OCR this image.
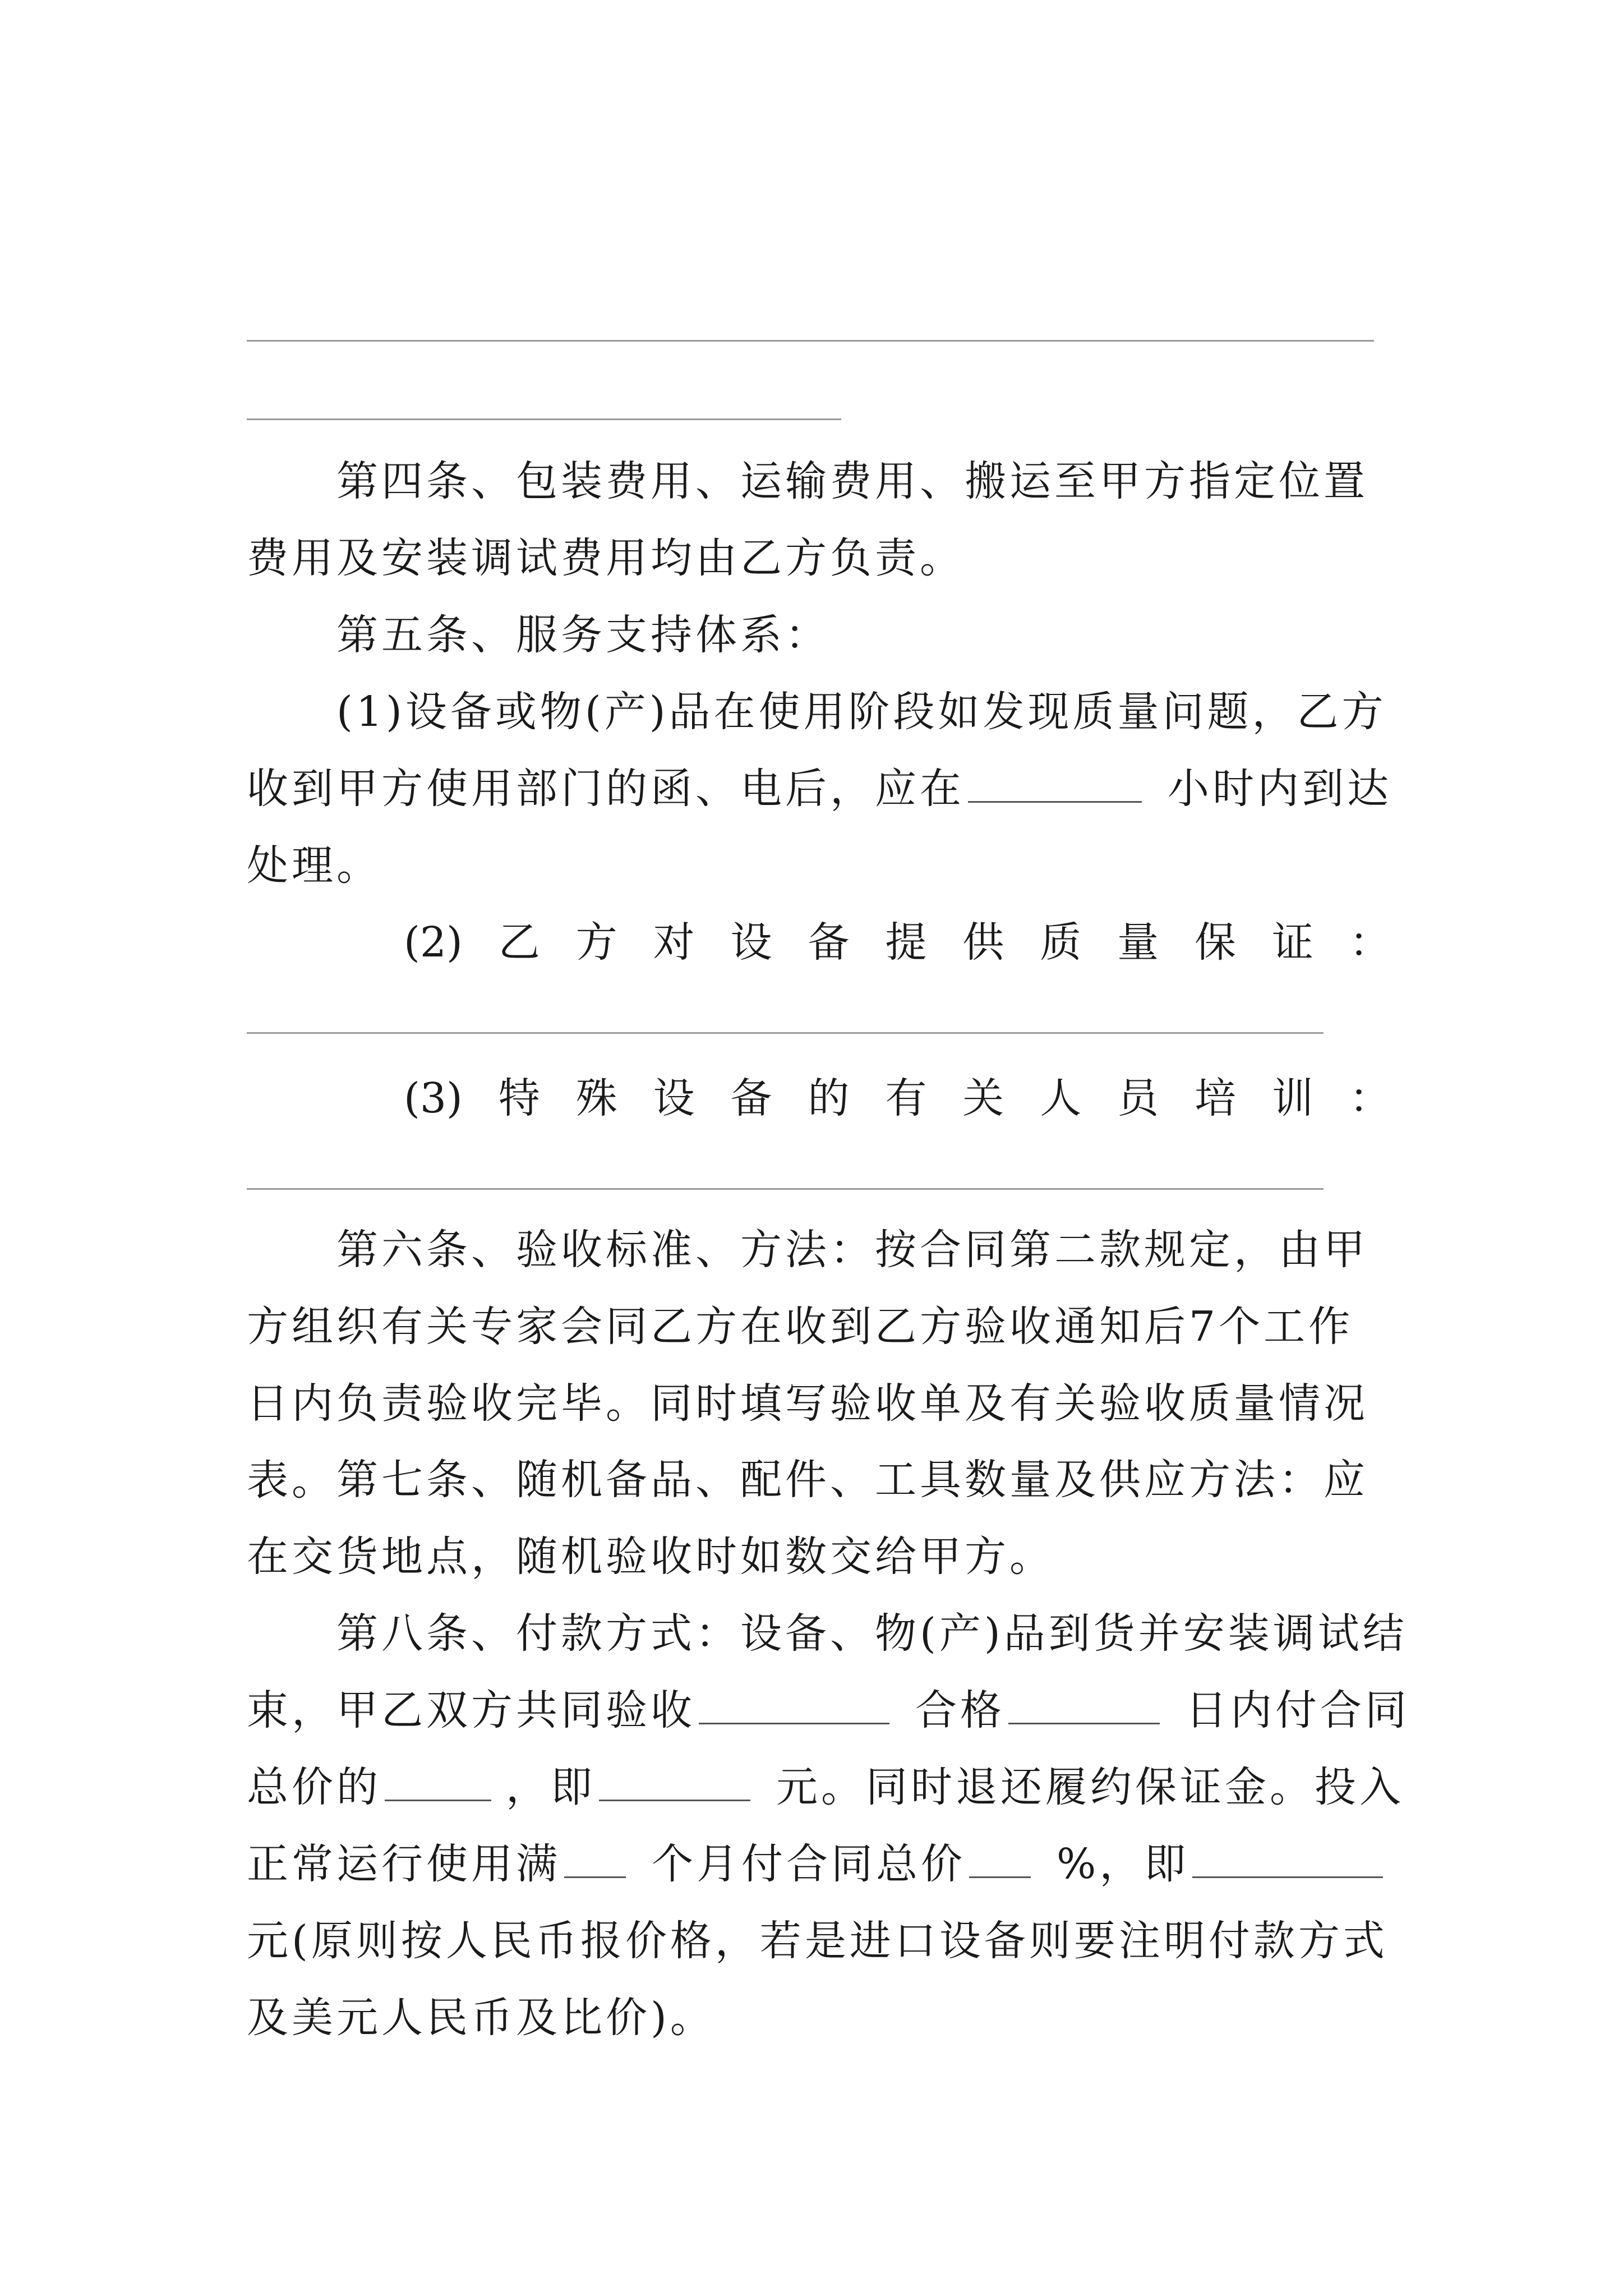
第四条、包装费用、运输费用、搬运至甲方指定位置费用及安装调试费用均由乙方负责。

第五条、服务支持体系：

(1)设备或物(产)品在使用阶段如发现质量问题，乙方

收到甲方使用部门的函、电后，应在	小时内到达

处理。

(2) 乙 方 对 设 备 提 供 质 量 保 证 ：
(3) 特 殊 设 备 的 有 关 人 员 培 训 ：

第六条、验收标准、方法：按合同第二款规定，由甲方组织有关专家会同乙方在收到乙方验收通知后7个工作日内负责验收完毕。同时填写验收单及有关验收质量情况表。 第七条、随机备品、配件、工具数量及供应方法：应在交货地点，随机验收时如数交给甲方。

第八条、付款方式：设备、物(产)品到货并安装调试结

束，甲乙双方共同验收	合格	日内付合同

总价的	，即	元。同时退还履约保证金。投入

正常运行使用满 个月付合同总价 %，即

元(原则按人民币报价格，若是进口设备则要注明付款方式

及美元人民币及比价)。
